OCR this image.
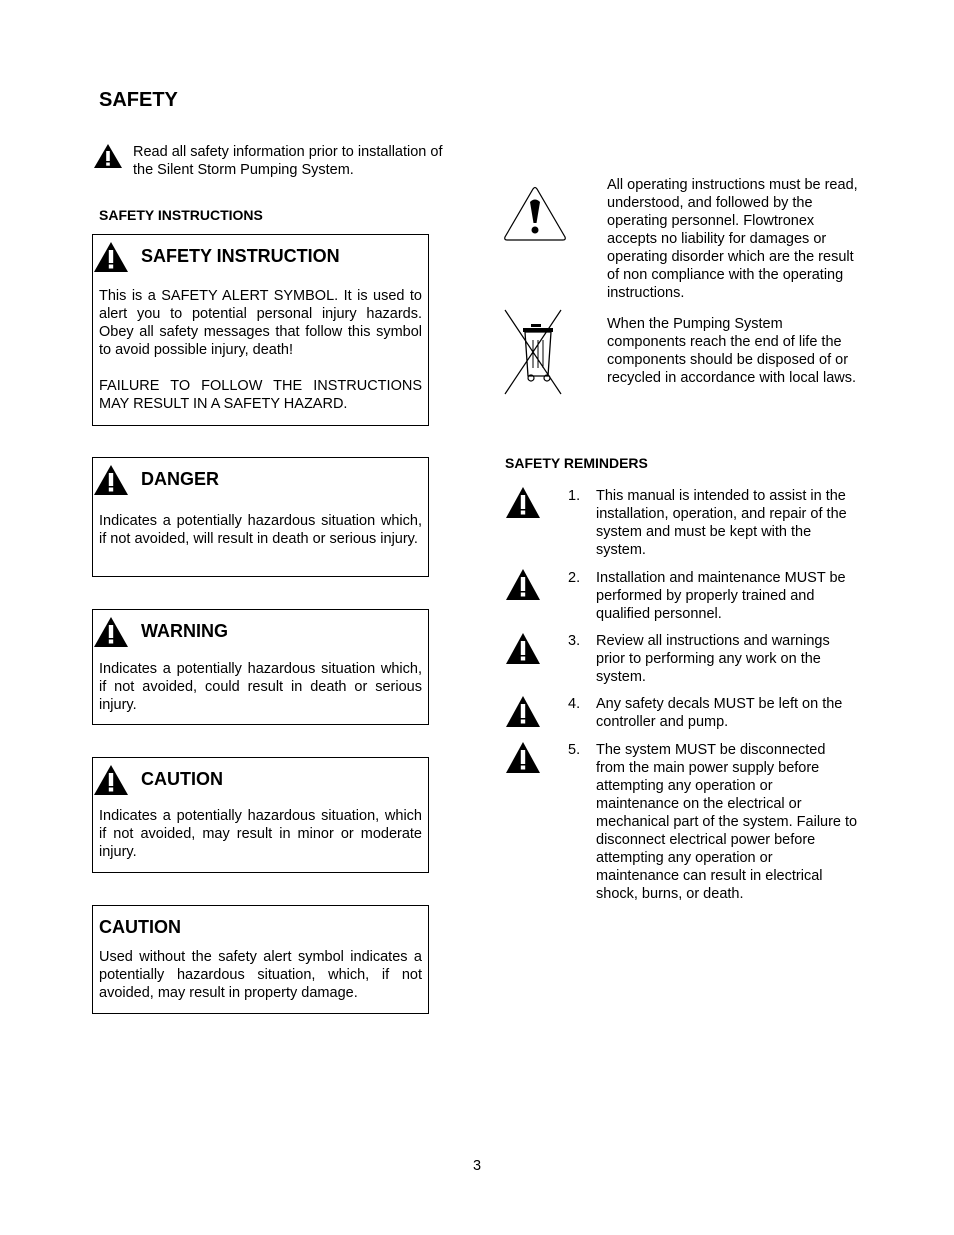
SAFETY
Read all safety information prior to installation of the Silent Storm Pumping System.
SAFETY INSTRUCTIONS
SAFETY INSTRUCTION

This is a SAFETY ALERT SYMBOL. It is used to alert you to potential personal injury hazards. Obey all safety messages that follow this symbol to avoid possible injury, death!

FAILURE TO FOLLOW THE INSTRUCTIONS MAY RESULT IN A SAFETY HAZARD.

DANGER

Indicates a potentially hazardous situation which, if not avoided, will result in death or serious injury.

WARNING

Indicates a potentially hazardous situation which, if not avoided, could result in death or serious injury.

CAUTION

Indicates a potentially hazardous situation, which if not avoided, may result in minor or moderate injury.

CAUTION

Used without the safety alert symbol indicates a potentially hazardous situation, which, if not avoided, may result in property damage.

All operating instructions must be read, understood, and followed by the operating personnel. Flowtronex accepts no liability for damages or operating disorder which are the result of non compliance with the operating instructions.
When the Pumping System components reach the end of life the components should be disposed of or recycled in accordance with local laws.
SAFETY REMINDERS
1. This manual is intended to assist in the installation, operation, and repair of the system and must be kept with the system.
2. Installation and maintenance MUST be performed by properly trained and qualified personnel.
3. Review all instructions and warnings prior to performing any work on the system.
4. Any safety decals MUST be left on the controller and pump.
5. The system MUST be disconnected from the main power supply before attempting any operation or maintenance on the electrical or mechanical part of the system. Failure to disconnect electrical power before attempting any operation or maintenance can result in electrical shock, burns, or death.
3
